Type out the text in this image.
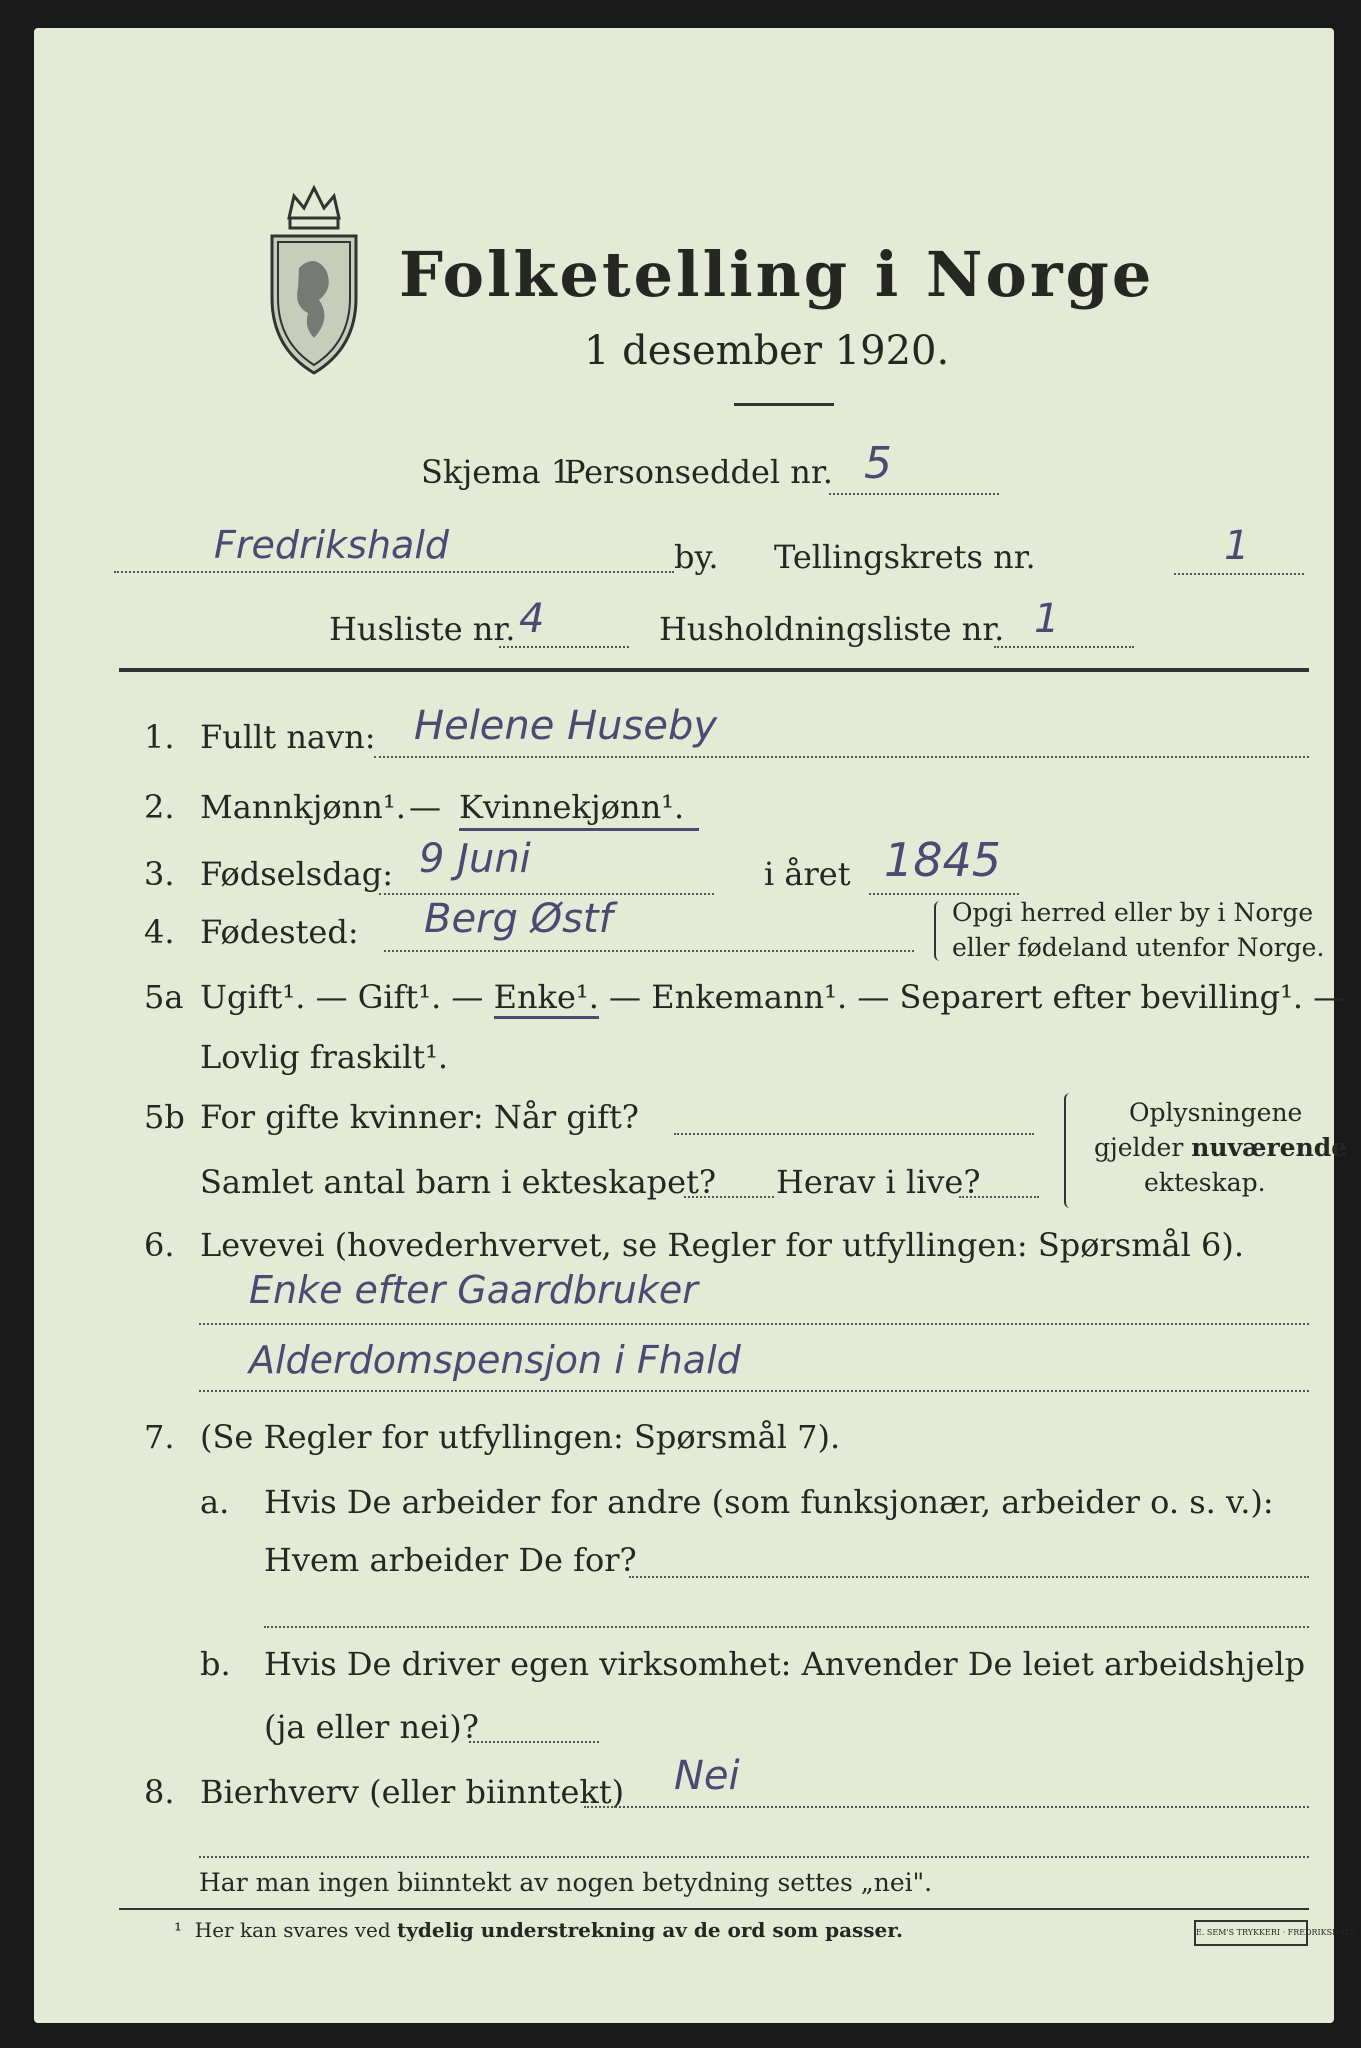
Folketelling i Norge
1 desember 1920.
Skjema 1.
Personseddel nr. 5
Fredrikshald	by. Tellingskrets nr.	1
Husliste nr. 4	Husholdningsliste nr. 1
1. Fullt navn: Helene Huseby
2. Mannkjønn¹. — Kvinnekjønn¹.
3. Fødselsdag: 9 Juni	i året 1845
4. Fødested: Berg Østf	Opgi herred eller by i Norge
eller fødeland utenfor Norge.
5a Ugift¹. — Gift¹. — Enke¹. — Enkemann¹. — Separert efter bevilling¹. —
Lovlig fraskilt¹.
5b For gifte kvinner: Når gift?
Samlet antal barn i ekteskapet? Herav i live?
Oplysningene
gjelder nuværende
ekteskap.
6. Levevei (hovederhvervet, se Regler for utfyllingen: Spørsmål 6).
Enke efter Gaardbruker
Alderdomspensjon i Fhald
7. (Se Regler for utfyllingen: Spørsmål 7).
a. Hvis De arbeider for andre (som funksjonær, arbeider o. s. v.):
Hvem arbeider De for?
b. Hvis De driver egen virksomhet: Anvender De leiet arbeidshjelp
(ja eller nei)?
8. Bierhverv (eller biinntekt) Nei
Har man ingen biinntekt av nogen betydning settes „nei".
¹ Her kan svares ved tydelig understrekning av de ord som passer.	E. SEM'S TRYKKERI · FREDRIKSHALD
